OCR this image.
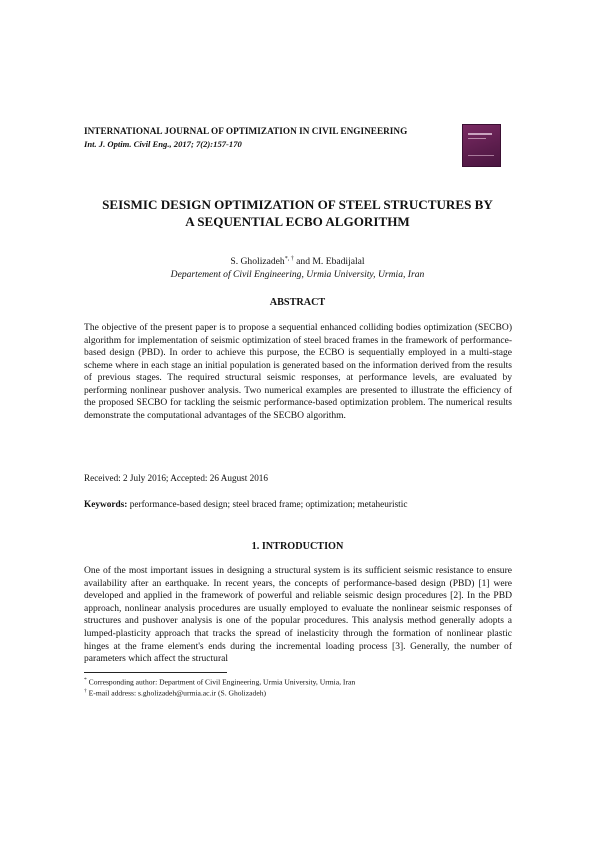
INTERNATIONAL JOURNAL OF OPTIMIZATION IN CIVIL ENGINEERING
Int. J. Optim. Civil Eng., 2017; 7(2):157-170
SEISMIC DESIGN OPTIMIZATION OF STEEL STRUCTURES BY
A SEQUENTIAL ECBO ALGORITHM
S. Gholizadeh*, † and M. Ebadijalal
Departement of Civil Engineering, Urmia University, Urmia, Iran
ABSTRACT
The objective of the present paper is to propose a sequential enhanced colliding bodies optimization (SECBO) algorithm for implementation of seismic optimization of steel braced frames in the framework of performance-based design (PBD). In order to achieve this purpose, the ECBO is sequentially employed in a multi-stage scheme where in each stage an initial population is generated based on the information derived from the results of previous stages. The required structural seismic responses, at performance levels, are evaluated by performing nonlinear pushover analysis. Two numerical examples are presented to illustrate the efficiency of the proposed SECBO for tackling the seismic performance-based optimization problem. The numerical results demonstrate the computational advantages of the SECBO algorithm.
Received: 2 July 2016; Accepted: 26 August 2016
Keywords: performance-based design; steel braced frame; optimization; metaheuristic
1. INTRODUCTION
One of the most important issues in designing a structural system is its sufficient seismic resistance to ensure availability after an earthquake. In recent years, the concepts of performance-based design (PBD) [1] were developed and applied in the framework of powerful and reliable seismic design procedures [2]. In the PBD approach, nonlinear analysis procedures are usually employed to evaluate the nonlinear seismic responses of structures and pushover analysis is one of the popular procedures. This analysis method generally adopts a lumped-plasticity approach that tracks the spread of inelasticity through the formation of nonlinear plastic hinges at the frame element's ends during the incremental loading process [3]. Generally, the number of parameters which affect the structural
* Corresponding author: Department of Civil Engineering, Urmia University, Urmia, Iran
† E-mail address: s.gholizadeh@urmia.ac.ir (S. Gholizadeh)
